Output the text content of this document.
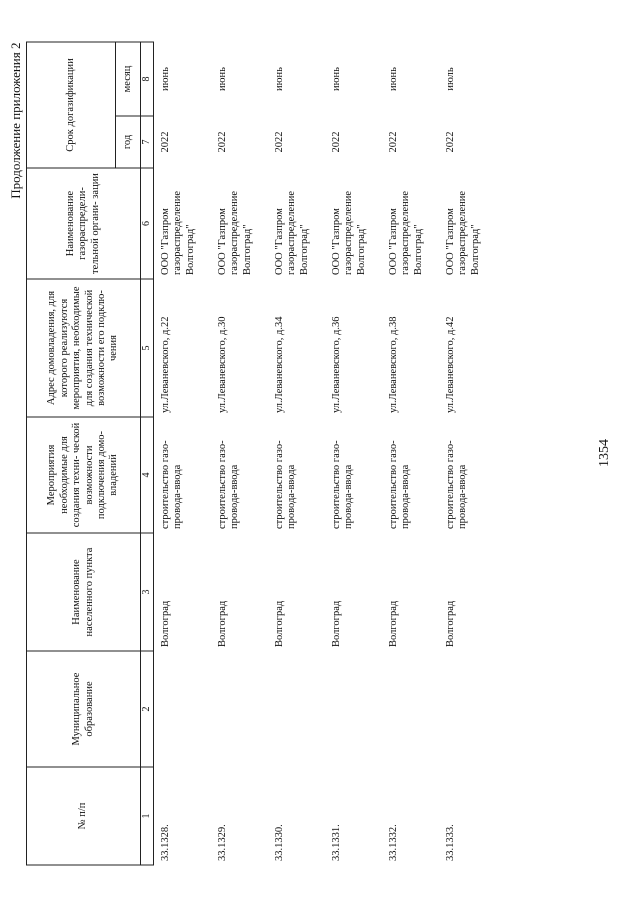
Продолжение приложения 2
№ п/п	Муниципальное образование	Наименование населенного пункта	Мероприятия необходимые для создания техни- ческой возможности подключения домо- владений	Адрес домовладения, для которого реализуются мероприятия, необходимые для создания технической возможности его подклю- чения	Наименование газораспредели- тельной органи- зации	Срок догазификации	
						год	месяц
1	2	3	4	5	6	7	8
33.1328.		Волгоград	строительство газо- провода-ввода	ул.Леваневского, д.22	ООО "Газпром газораспределение Волгоград"	2022	июнь
33.1329.		Волгоград	строительство газо- провода-ввода	ул.Леваневского, д.30	ООО "Газпром газораспределение Волгоград"	2022	июнь
33.1330.		Волгоград	строительство газо- провода-ввода	ул.Леваневского, д.34	ООО "Газпром газораспределение Волгоград"	2022	июнь
33.1331.		Волгоград	строительство газо- провода-ввода	ул.Леваневского, д.36	ООО "Газпром газораспределение Волгоград"	2022	июнь
33.1332.		Волгоград	строительство газо- провода-ввода	ул.Леваневского, д.38	ООО "Газпром газораспределение Волгоград"	2022	июнь
33.1333.		Волгоград	строительство газо- провода-ввода	ул.Леваневского, д.42	ООО "Газпром газораспределение Волгоград"	2022	июль
1354
